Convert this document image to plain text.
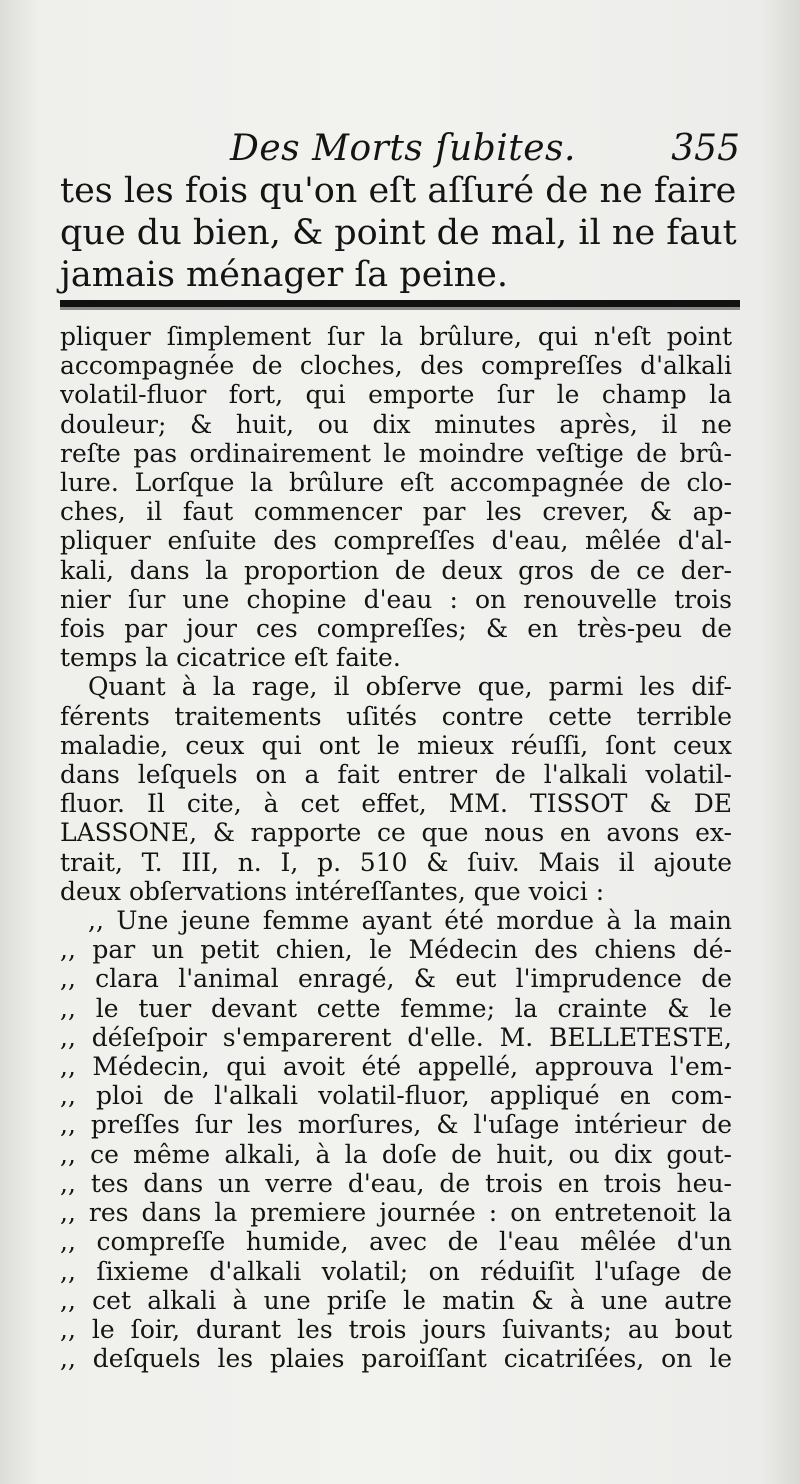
Des Morts ſubites.	355
tes les fois qu'on eſt aſſuré de ne faire
que du bien, & point de mal, il ne faut
jamais ménager ſa peine.
pliquer ſimplement ſur la brûlure, qui n'eſt point
accompagnée de cloches, des compreſſes d'alkali
volatil-fluor fort, qui emporte ſur le champ la
douleur; & huit, ou dix minutes après, il ne
reſte pas ordinairement le moindre veſtige de brû-
lure. Lorſque la brûlure eſt accompagnée de clo-
ches, il faut commencer par les crever, & ap-
pliquer enſuite des compreſſes d'eau, mêlée d'al-
kali, dans la proportion de deux gros de ce der-
nier ſur une chopine d'eau : on renouvelle trois
fois par jour ces compreſſes; & en très-peu de
temps la cicatrice eſt faite.
Quant à la rage, il obſerve que, parmi les dif-
férents traitements uſités contre cette terrible
maladie, ceux qui ont le mieux réuſſi, ſont ceux
dans leſquels on a fait entrer de l'alkali volatil-
fluor. Il cite, à cet effet, MM. TISSOT & DE
LASSONE, & rapporte ce que nous en avons ex-
trait, T. III, n. I, p. 510 & ſuiv. Mais il ajoute
deux obſervations intéreſſantes, que voici :
,, Une jeune femme ayant été mordue à la main
,, par un petit chien, le Médecin des chiens dé-
,, clara l'animal enragé, & eut l'imprudence de
,, le tuer devant cette femme; la crainte & le
,, déſeſpoir s'emparerent d'elle. M. BELLETESTE,
,, Médecin, qui avoit été appellé, approuva l'em-
,, ploi de l'alkali volatil-fluor, appliqué en com-
,, preſſes ſur les morſures, & l'uſage intérieur de
,, ce même alkali, à la doſe de huit, ou dix gout-
,, tes dans un verre d'eau, de trois en trois heu-
,, res dans la premiere journée : on entretenoit la
,, compreſſe humide, avec de l'eau mêlée d'un
,, ſixieme d'alkali volatil; on réduiſit l'uſage de
,, cet alkali à une priſe le matin & à une autre
,, le ſoir, durant les trois jours ſuivants; au bout
,, deſquels les plaies paroiſſant cicatriſées, on le
